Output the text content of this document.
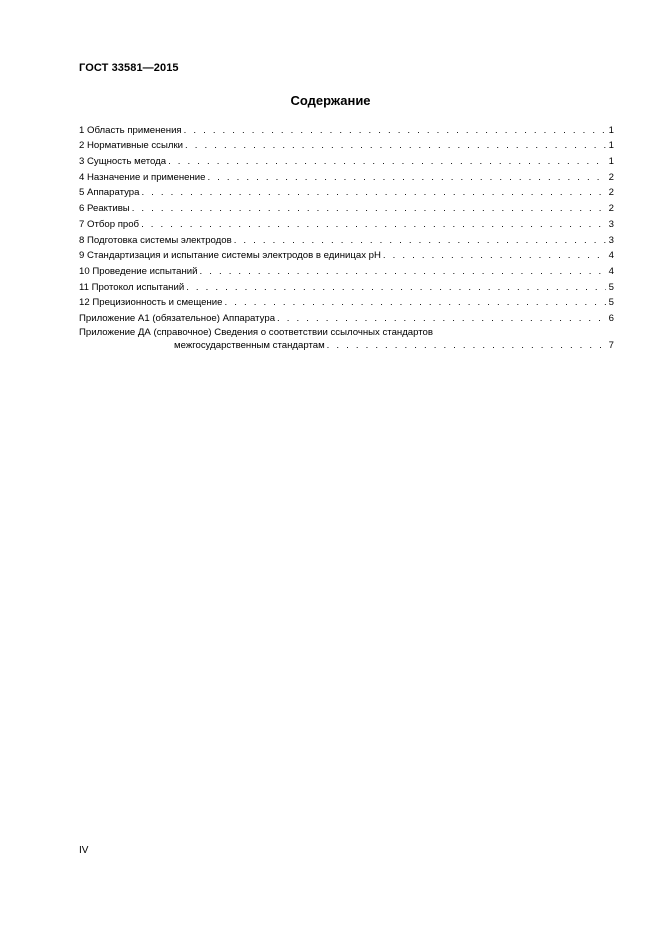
ГОСТ 33581—2015
Содержание
1 Область применения . . .	1
2 Нормативные ссылки . . .	1
3 Сущность метода . . .	1
4 Назначение и применение . . .	2
5 Аппаратура . . .	2
6 Реактивы . . .	2
7 Отбор проб . . .	3
8 Подготовка системы электродов . . .	3
9 Стандартизация и испытание системы электродов в единицах pH . . .	4
10 Проведение испытаний . . .	4
11 Протокол испытаний . . .	5
12 Прецизионность и смещение . . .	5
Приложение А1 (обязательное) Аппаратура . . .	6
Приложение ДА (справочное) Сведения о соответствии ссылочных стандартов
межгосударственным стандартам . . .	7
IV
